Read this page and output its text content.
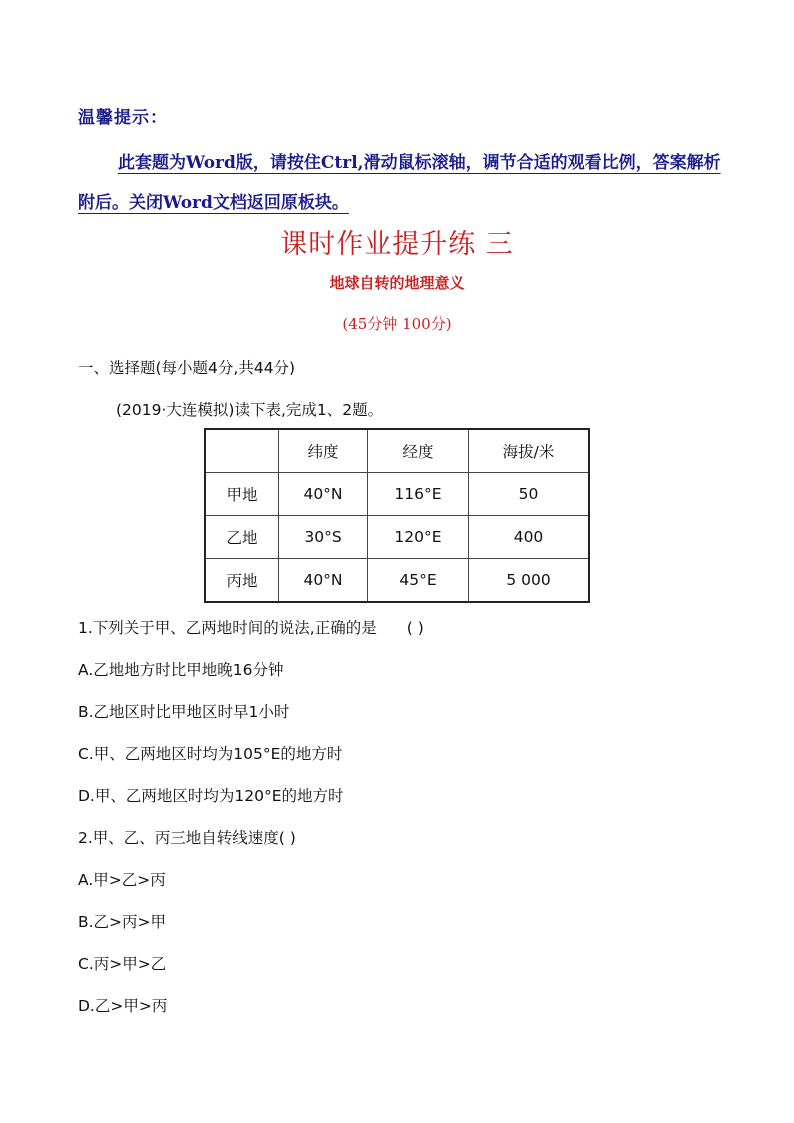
温馨提示：
此套题为Word版，请按住Ctrl,滑动鼠标滚轴，调节合适的观看比例，答案解析附后。关闭Word文档返回原板块。
课时作业提升练 三
地球自转的地理意义
(45分钟 100分)
一、选择题(每小题4分,共44分)
(2019·大连模拟)读下表,完成1、2题。
	纬度	经度	海拔/米
甲地	40°N	116°E	50
乙地	30°S	120°E	400
丙地	40°N	45°E	5 000
1.下列关于甲、乙两地时间的说法,正确的是 ( )
A.乙地地方时比甲地晚16分钟
B.乙地区时比甲地区时早1小时
C.甲、乙两地区时均为105°E的地方时
D.甲、乙两地区时均为120°E的地方时
2.甲、乙、丙三地自转线速度( )
A.甲>乙>丙
B.乙>丙>甲
C.丙>甲>乙
D.乙>甲>丙
